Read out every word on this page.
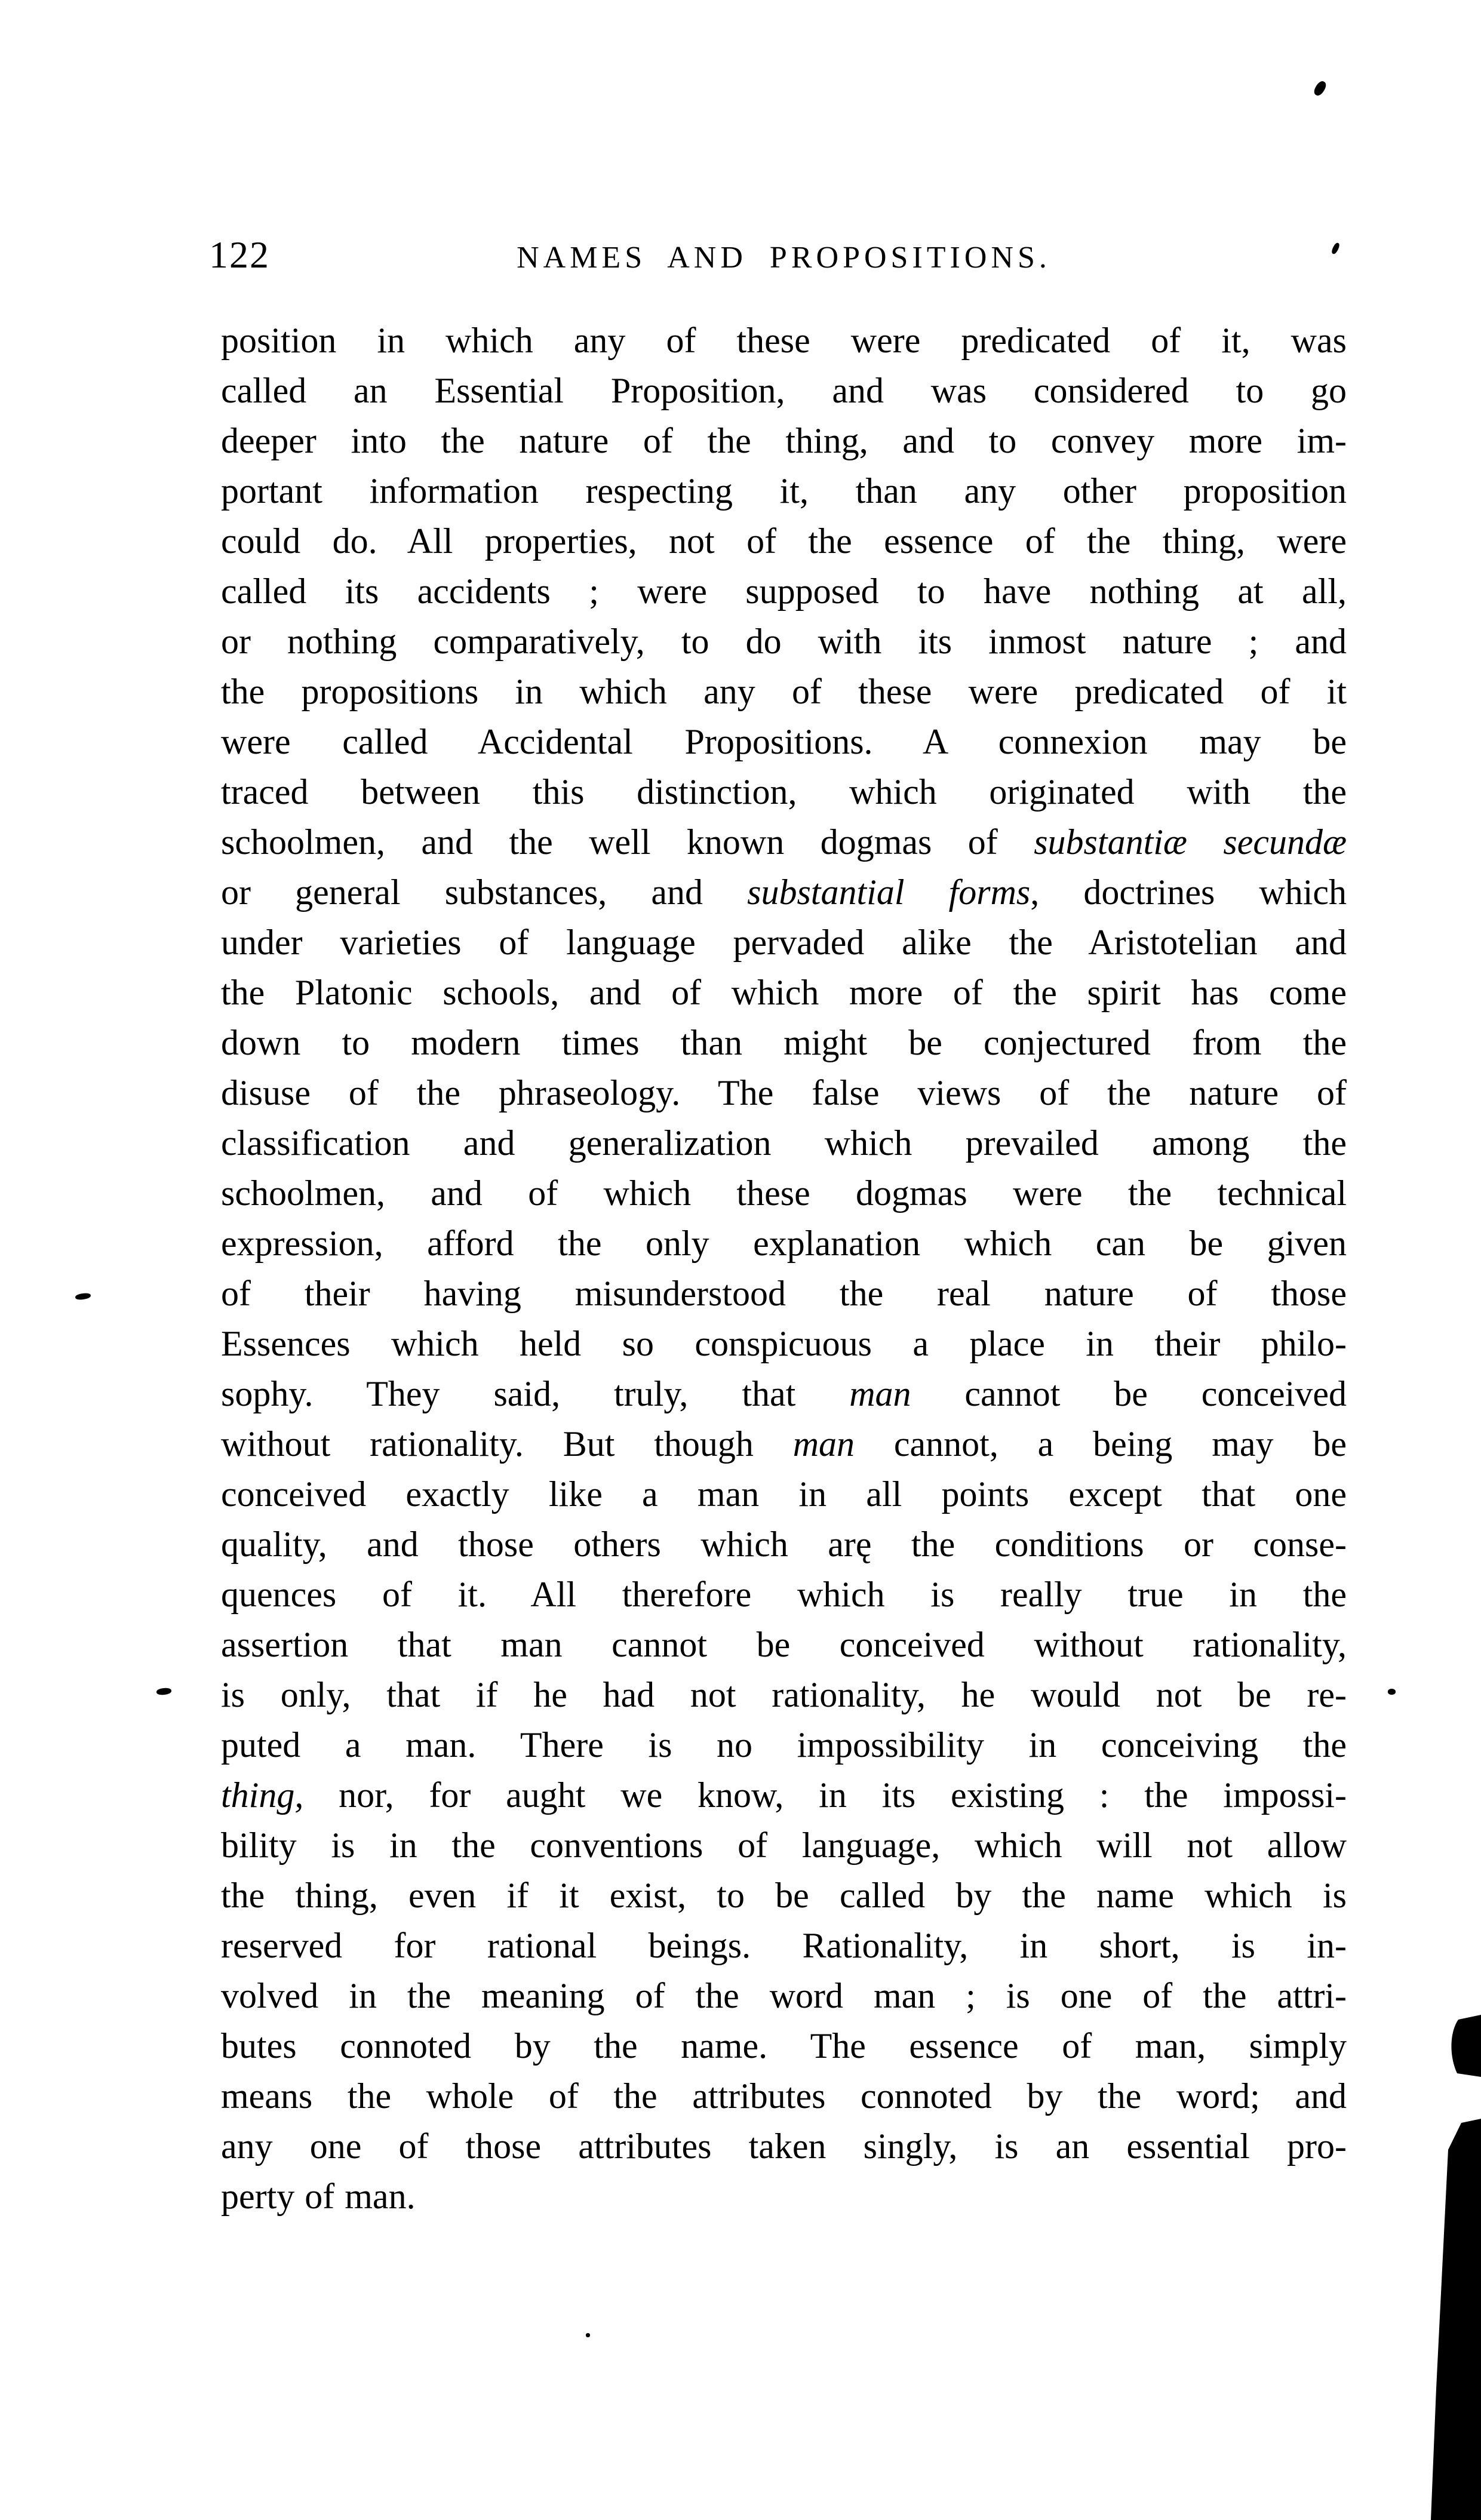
122	NAMES AND PROPOSITIONS.
position in which any of these were predicated of it, was
called an Essential Proposition, and was considered to go
deeper into the nature of the thing, and to convey more im-
portant information respecting it, than any other proposition
could do. All properties, not of the essence of the thing, were
called its accidents ; were supposed to have nothing at all,
or nothing comparatively, to do with its inmost nature ; and
the propositions in which any of these were predicated of it
were called Accidental Propositions. A connexion may be
traced between this distinction, which originated with the
schoolmen, and the well known dogmas of substantiæ secundæ
or general substances, and substantial forms, doctrines which
under varieties of language pervaded alike the Aristotelian and
the Platonic schools, and of which more of the spirit has come
down to modern times than might be conjectured from the
disuse of the phraseology. The false views of the nature of
classification and generalization which prevailed among the
schoolmen, and of which these dogmas were the technical
expression, afford the only explanation which can be given
of their having misunderstood the real nature of those
Essences which held so conspicuous a place in their philo-
sophy. They said, truly, that man cannot be conceived
without rationality. But though man cannot, a being may be
conceived exactly like a man in all points except that one
quality, and those others which arę the conditions or conse-
quences of it. All therefore which is really true in the
assertion that man cannot be conceived without rationality,
is only, that if he had not rationality, he would not be re-
puted a man. There is no impossibility in conceiving the
thing, nor, for aught we know, in its existing : the impossi-
bility is in the conventions of language, which will not allow
the thing, even if it exist, to be called by the name which is
reserved for rational beings. Rationality, in short, is in-
volved in the meaning of the word man ; is one of the attri-
butes connoted by the name. The essence of man, simply
means the whole of the attributes connoted by the word; and
any one of those attributes taken singly, is an essential pro-
perty of man.
